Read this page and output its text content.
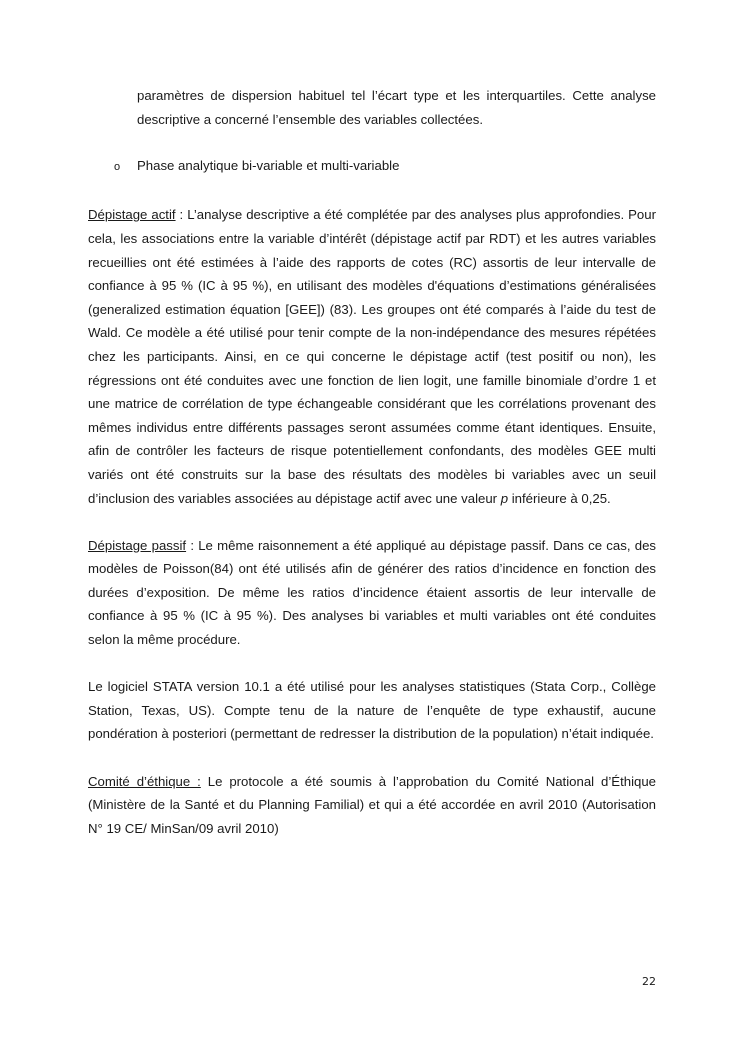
paramètres de dispersion habituel tel l’écart type et les interquartiles. Cette analyse descriptive a concerné l’ensemble des variables collectées.

o Phase analytique bi-variable et multi-variable

Dépistage actif : L’analyse descriptive a été complétée par des analyses plus approfondies. Pour cela, les associations entre la variable d’intérêt (dépistage actif par RDT) et les autres variables recueillies ont été estimées à l’aide des rapports de cotes (RC) assortis de leur intervalle de confiance à 95 % (IC à 95 %), en utilisant des modèles d'équations d’estimations généralisées (generalized estimation équation [GEE]) (83). Les groupes ont été comparés à l’aide du test de Wald. Ce modèle a été utilisé pour tenir compte de la non-indépendance des mesures répétées chez les participants. Ainsi, en ce qui concerne le dépistage actif (test positif ou non), les régressions ont été conduites avec une fonction de lien logit, une famille binomiale d’ordre 1 et une matrice de corrélation de type échangeable considérant que les corrélations provenant des mêmes individus entre différents passages seront assumées comme étant identiques. Ensuite, afin de contrôler les facteurs de risque potentiellement confondants, des modèles GEE multi variés ont été construits sur la base des résultats des modèles bi variables avec un seuil d’inclusion des variables associées au dépistage actif avec une valeur p inférieure à 0,25.

Dépistage passif : Le même raisonnement a été appliqué au dépistage passif. Dans ce cas, des modèles de Poisson(84) ont été utilisés afin de générer des ratios d’incidence en fonction des durées d’exposition. De même les ratios d’incidence étaient assortis de leur intervalle de confiance à 95 % (IC à 95 %). Des analyses bi variables et multi variables ont été conduites selon la même procédure.

Le logiciel STATA version 10.1 a été utilisé pour les analyses statistiques (Stata Corp., Collège Station, Texas, US). Compte tenu de la nature de l’enquête de type exhaustif, aucune pondération à posteriori (permettant de redresser la distribution de la population) n’était indiquée.

Comité d’éthique : Le protocole a été soumis à l’approbation du Comité National d’Éthique (Ministère de la Santé et du Planning Familial) et qui a été accordée en avril 2010 (Autorisation N° 19 CE/ MinSan/09 avril 2010)

22
